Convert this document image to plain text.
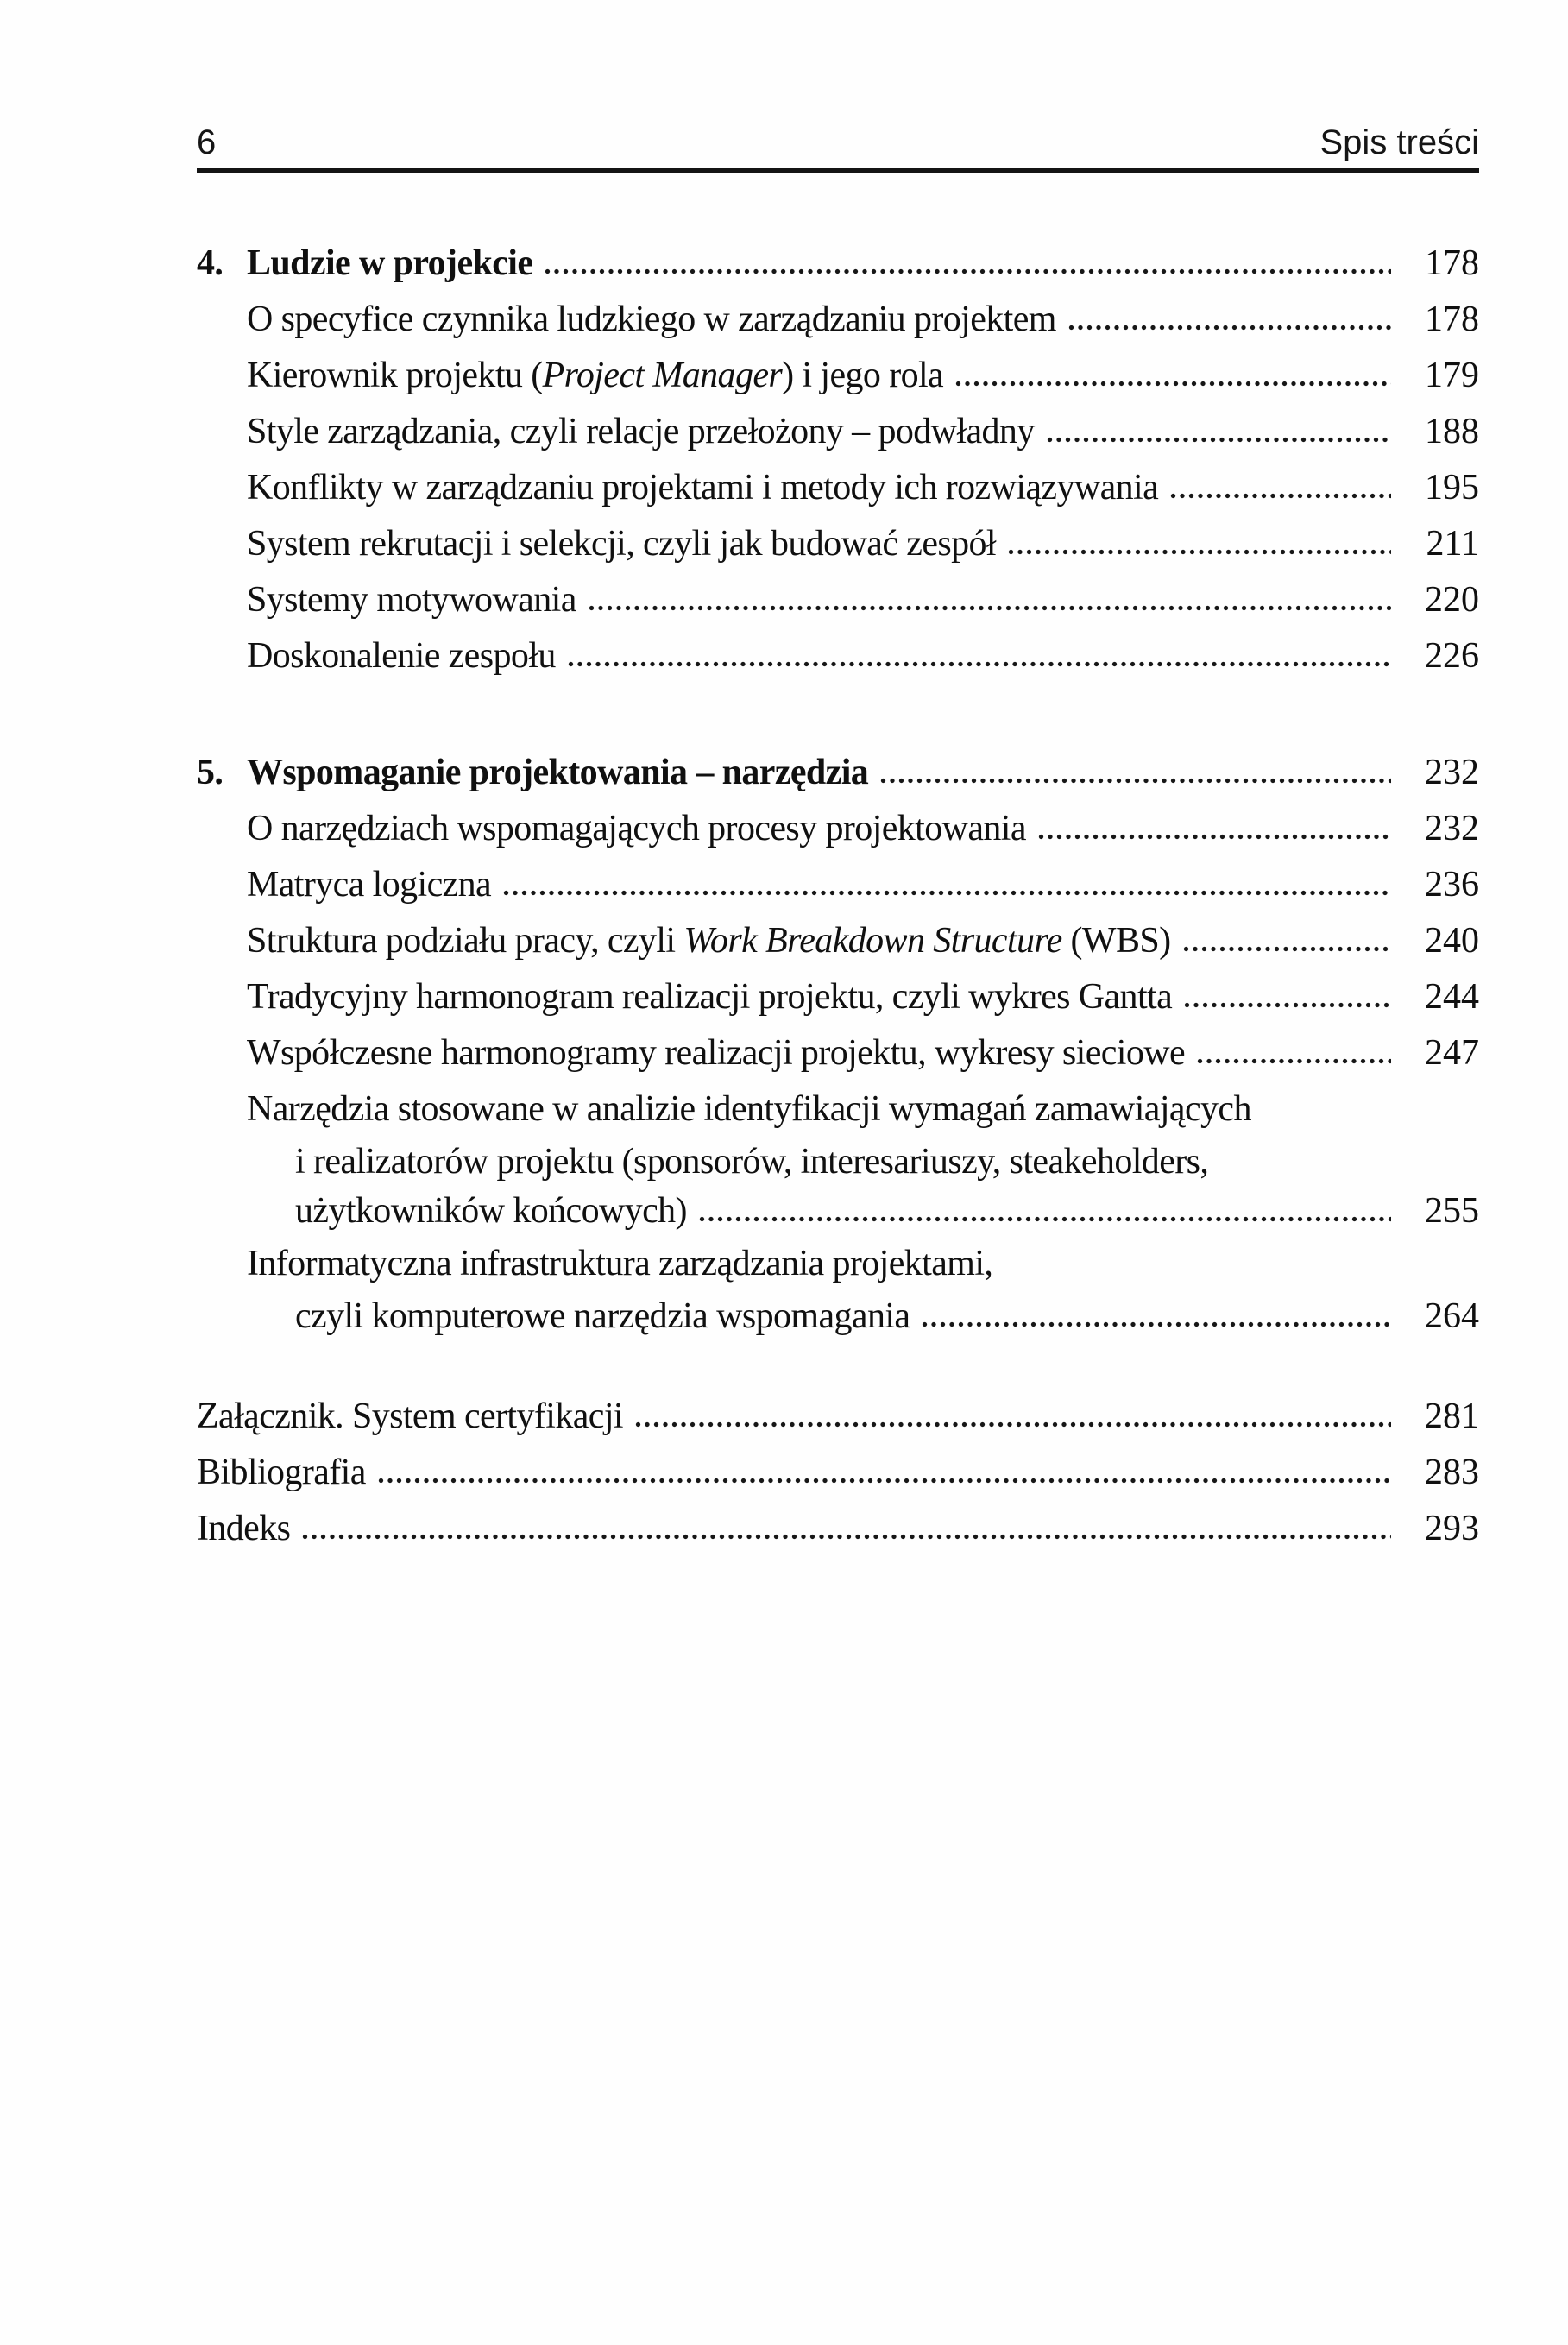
6	Spis treści
4. Ludzie w projekcie	178
O specyfice czynnika ludzkiego w zarządzaniu projektem	178
Kierownik projektu (Project Manager) i jego rola	179
Style zarządzania, czyli relacje przełożony – podwładny	188
Konflikty w zarządzaniu projektami i metody ich rozwiązywania	195
System rekrutacji i selekcji, czyli jak budować zespół	211
Systemy motywowania	220
Doskonalenie zespołu	226
5. Wspomaganie projektowania – narzędzia	232
O narzędziach wspomagających procesy projektowania	232
Matryca logiczna	236
Struktura podziału pracy, czyli Work Breakdown Structure (WBS)	240
Tradycyjny harmonogram realizacji projektu, czyli wykres Gantta	244
Współczesne harmonogramy realizacji projektu, wykresy sieciowe	247
Narzędzia stosowane w analizie identyfikacji wymagań zamawiających
i realizatorów projektu (sponsorów, interesariuszy, steakeholders,
użytkowników końcowych)	255
Informatyczna infrastruktura zarządzania projektami,
czyli komputerowe narzędzia wspomagania	264
Załącznik. System certyfikacji	281
Bibliografia	283
Indeks	293
